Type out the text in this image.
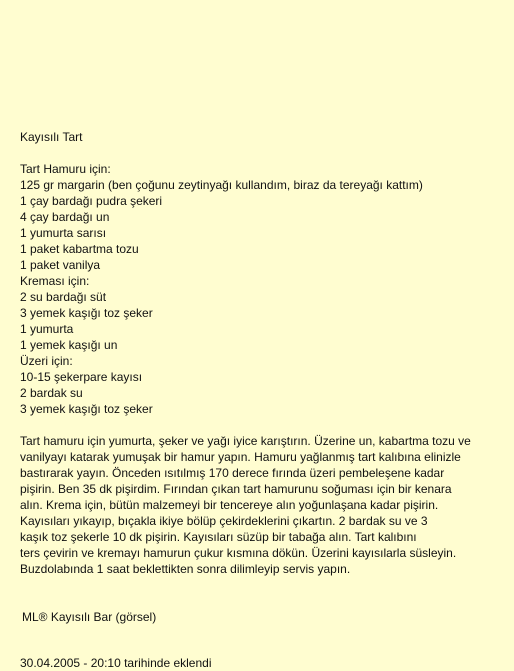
Kayısılı Tart
Tart Hamuru için:
125 gr margarin (ben çoğunu zeytinyağı kullandım, biraz da tereyağı kattım)
1 çay bardağı pudra şekeri
4 çay bardağı un
1 yumurta sarısı
1 paket kabartma tozu
1 paket vanilya
Kreması için:
2 su bardağı süt
3 yemek kaşığı toz şeker
1 yumurta
1 yemek kaşığı un
Üzeri için:
10-15 şekerpare kayısı
2 bardak su
3 yemek kaşığı toz şeker

Tart hamuru için yumurta, şeker ve yağı iyice karıştırın. Üzerine un, kabartma tozu ve
vanilyayı katarak yumuşak bir hamur yapın. Hamuru yağlanmış tart kalıbına elinizle
bastırarak yayın. Önceden ısıtılmış 170 derece fırında üzeri pembeleşene kadar
pişirin. Ben 35 dk pişirdim. Fırından çıkan tart hamurunu soğuması için bir kenara
alın. Krema için, bütün malzemeyi bir tencereye alın yoğunlaşana kadar pişirin.
Kayısıları yıkayıp, bıçakla ikiye bölüp çekirdeklerini çıkartın. 2 bardak su ve 3
kaşık toz şekerle 10 dk pişirin. Kayısıları süzüp bir tabağa alın. Tart kalıbını
ters çevirin ve kremayı hamurun çukur kısmına dökün. Üzerini kayısılarla süsleyin.
Buzdolabında 1 saat beklettikten sonra dilimleyip servis yapın.

ML® Kayısılı Bar (görsel)
30.04.2005 - 20:10 tarihinde eklendi
